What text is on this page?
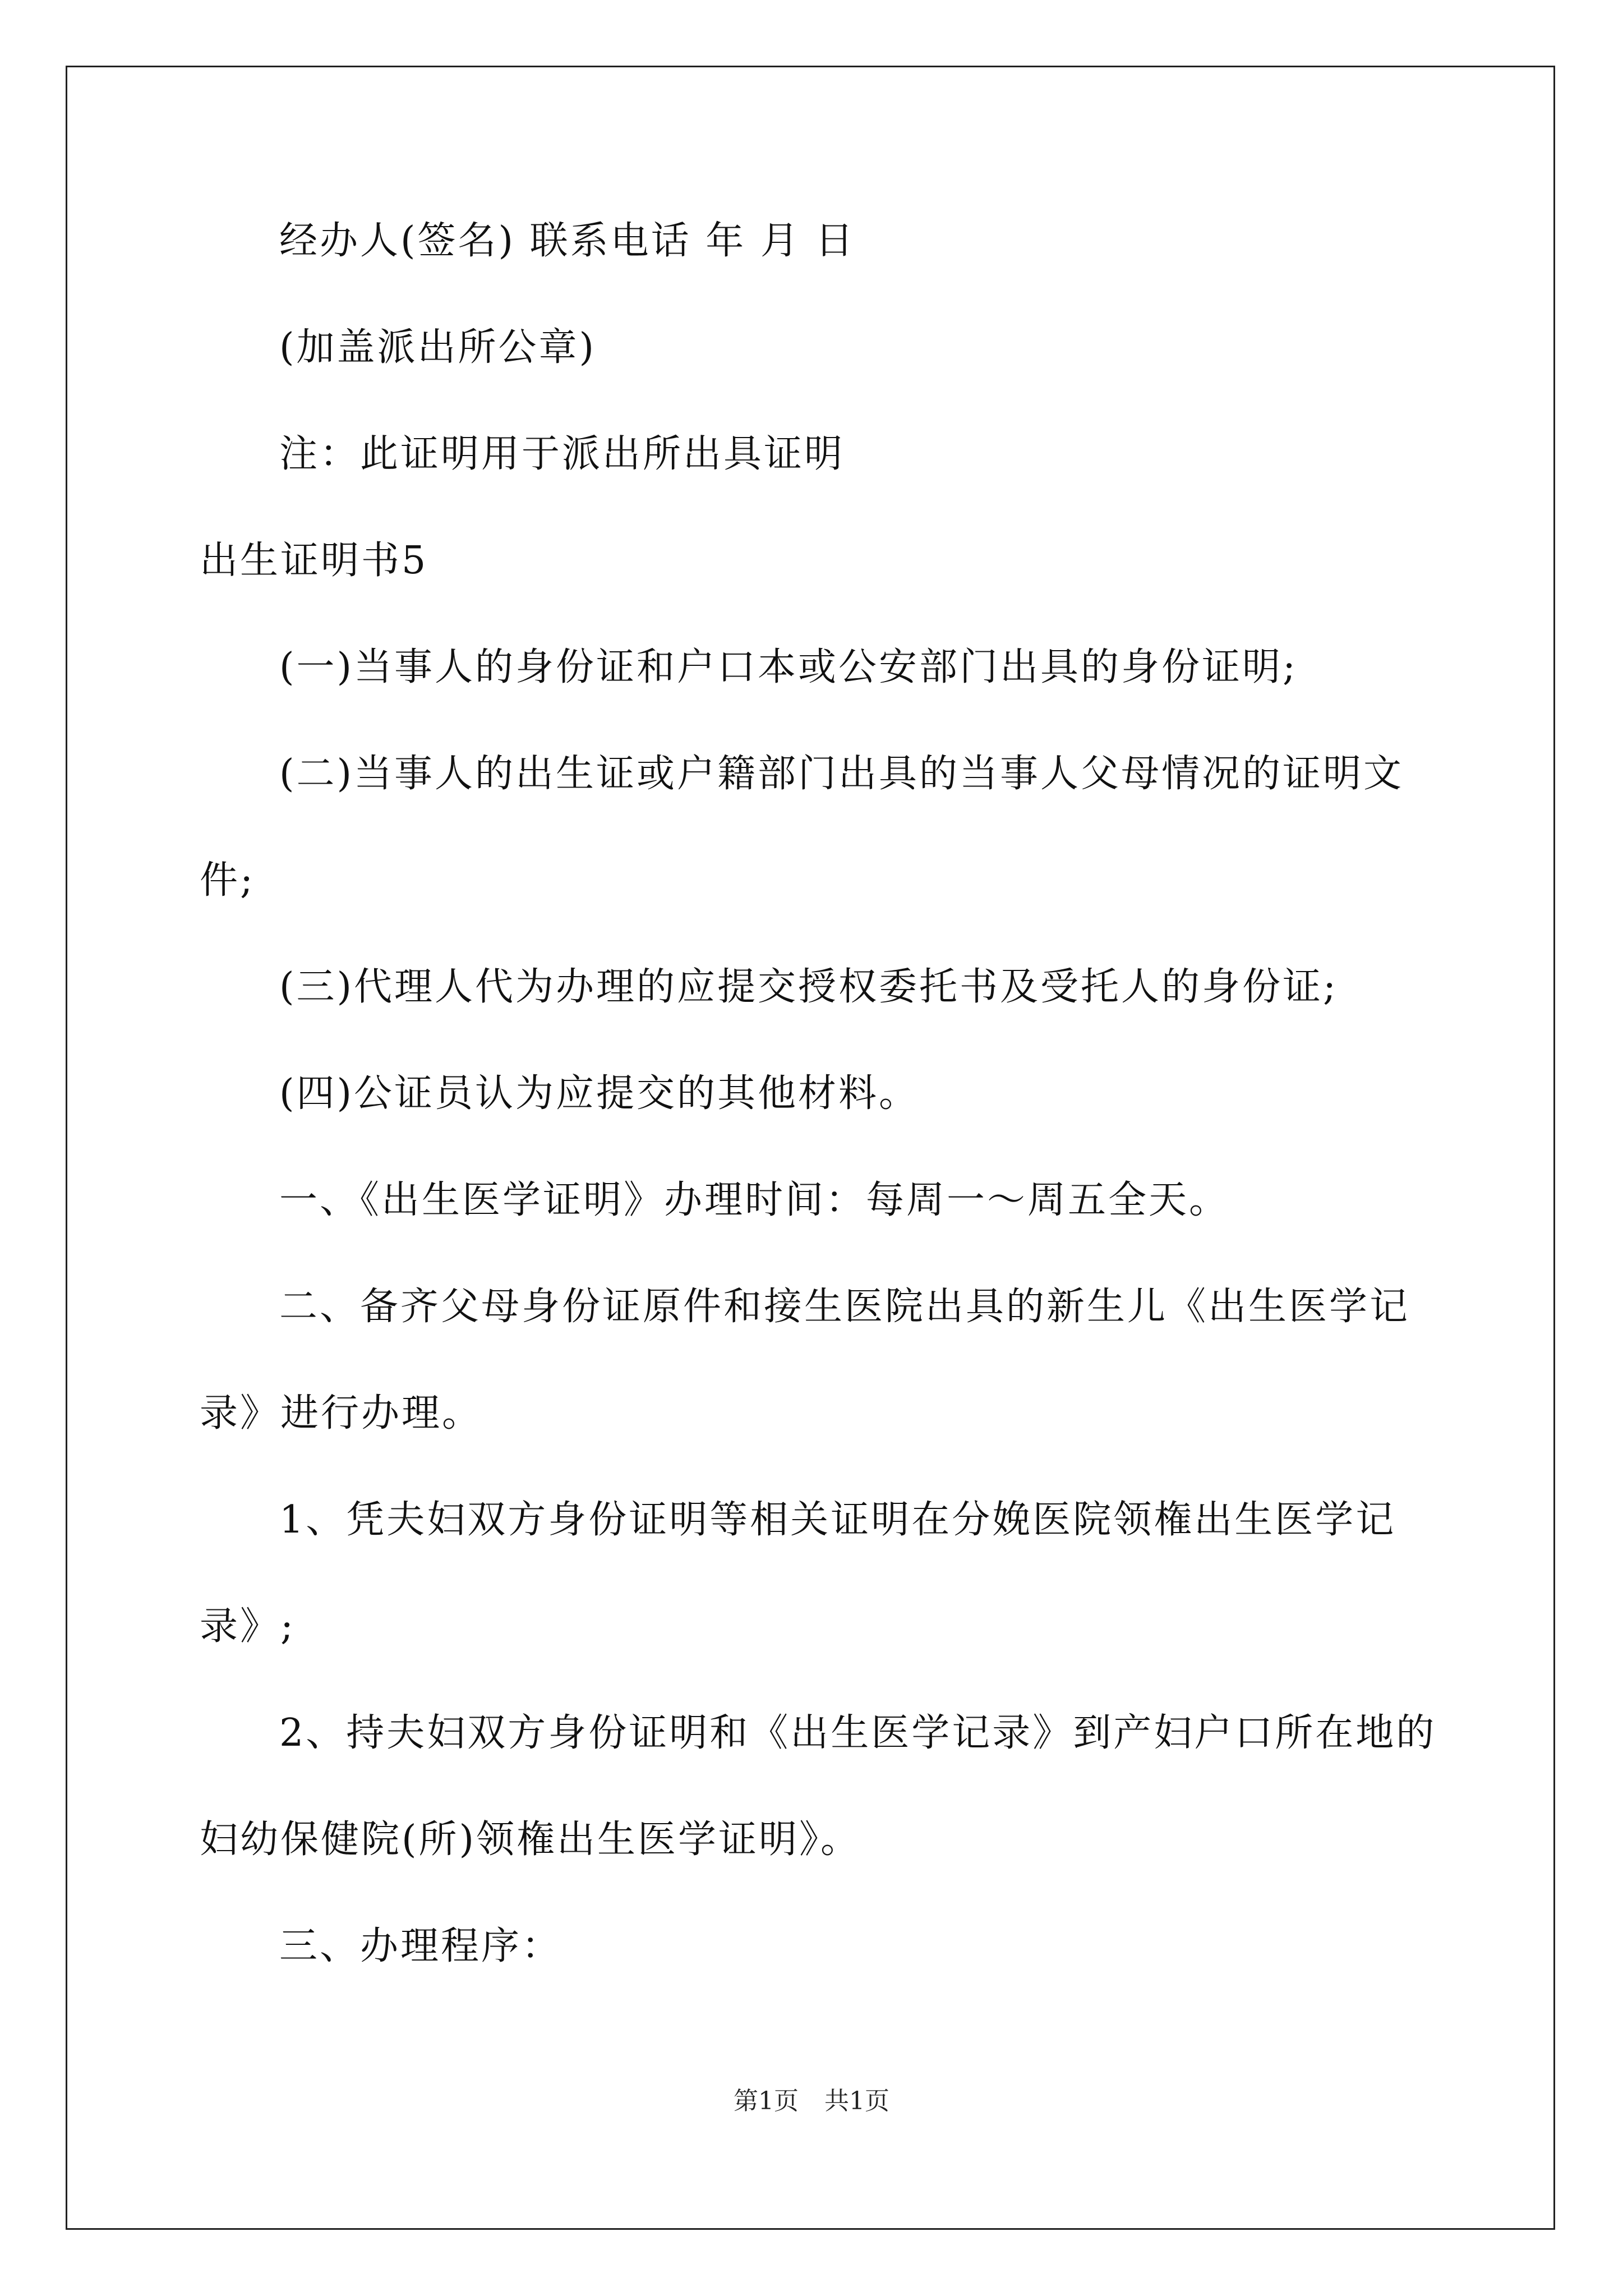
经办人(签名) 联系电话 年 月 日
(加盖派出所公章)
注：此证明用于派出所出具证明
出生证明书5
(一)当事人的身份证和户口本或公安部门出具的身份证明;
(二)当事人的出生证或户籍部门出具的当事人父母情况的证明文
件;
(三)代理人代为办理的应提交授权委托书及受托人的身份证;
(四)公证员认为应提交的其他材料。
一、《出生医学证明》办理时间：每周一～周五全天。
二、备齐父母身份证原件和接生医院出具的新生儿《出生医学记
录》进行办理。
1、凭夫妇双方身份证明等相关证明在分娩医院领権出生医学记
录》;
2、持夫妇双方身份证明和《出生医学记录》到产妇户口所在地的
妇幼保健院(所)领権出生医学证明》。
三、办理程序：
第1页 共1页
